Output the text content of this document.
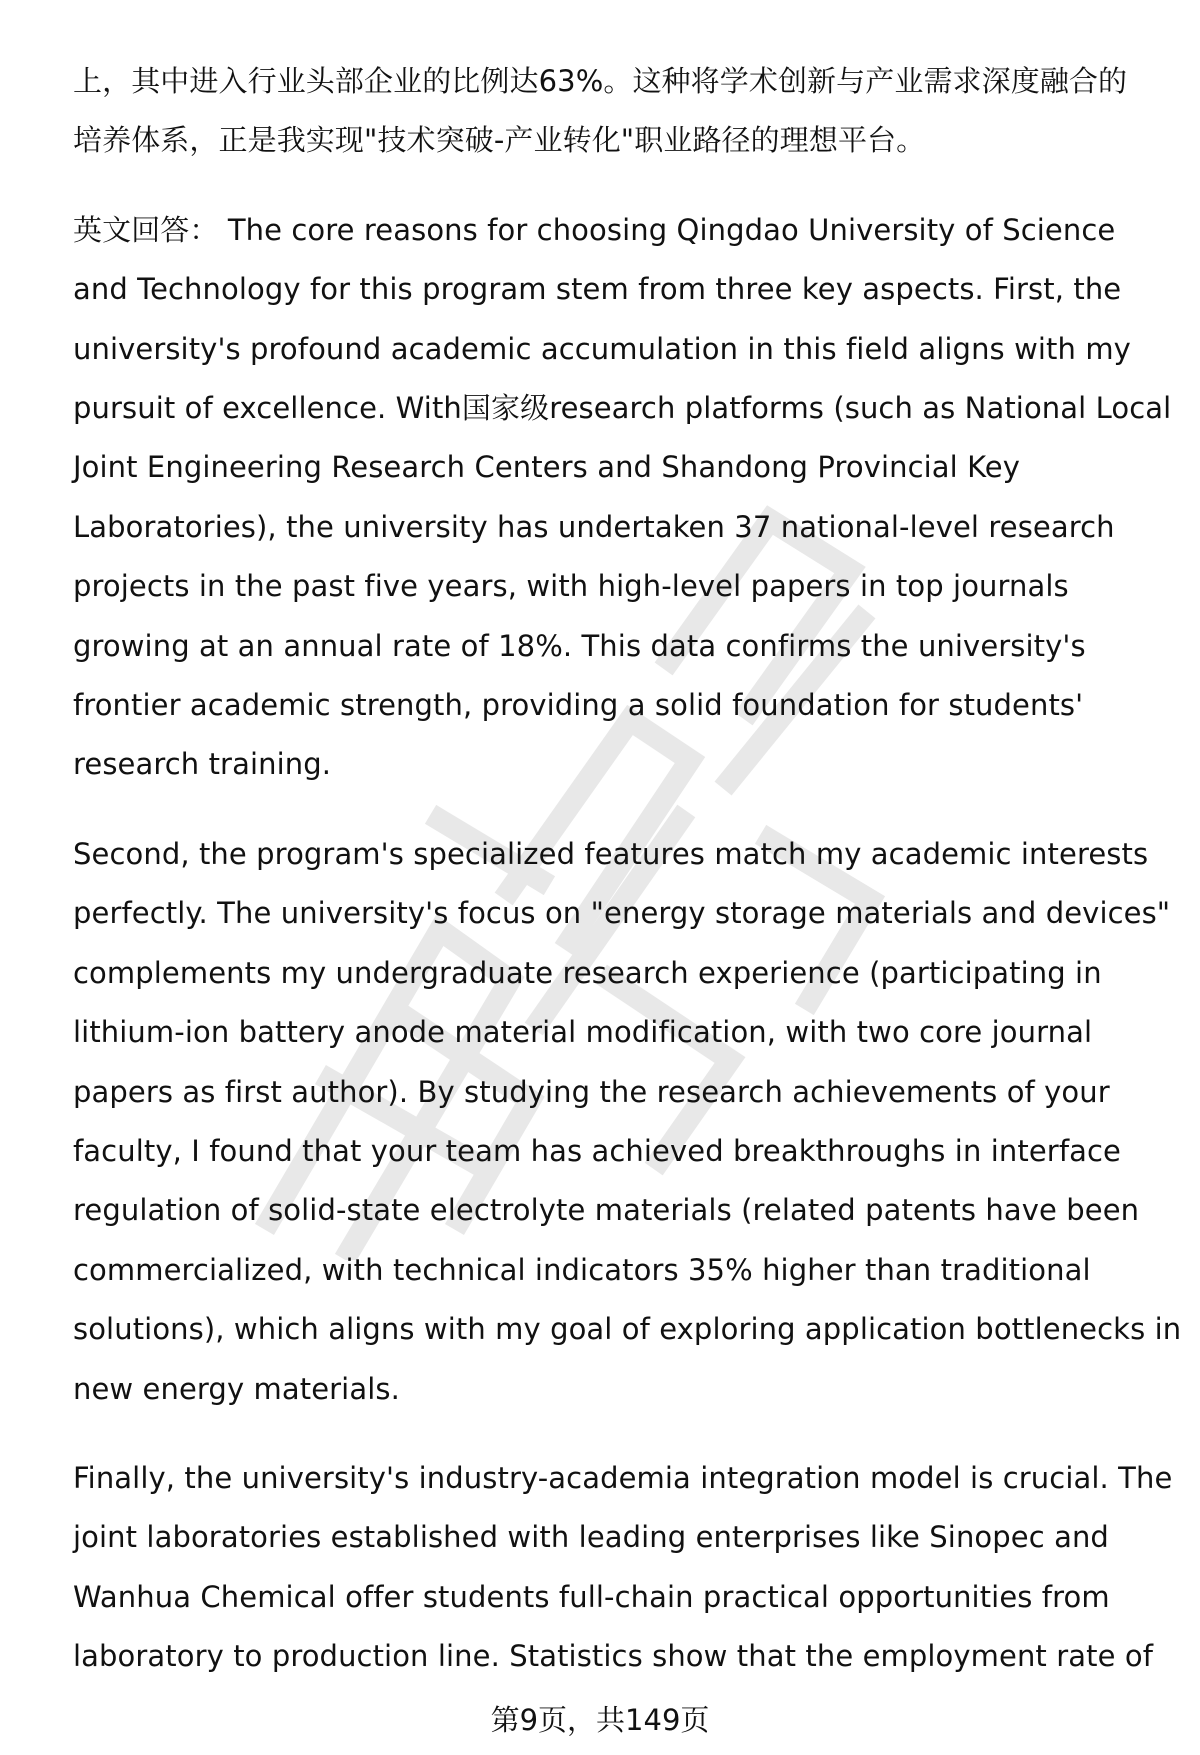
上，其中进入行业头部企业的比例达63%。这种将学术创新与产业需求深度融合的
培养体系，正是我实现"技术突破-产业转化"职业路径的理想平台。

英文回答： The core reasons for choosing Qingdao University of Science
and Technology for this program stem from three key aspects. First, the
university's profound academic accumulation in this field aligns with my
pursuit of excellence. With国家级research platforms (such as National Local
Joint Engineering Research Centers and Shandong Provincial Key
Laboratories), the university has undertaken 37 national-level research
projects in the past five years, with high-level papers in top journals
growing at an annual rate of 18%. This data confirms the university's
frontier academic strength, providing a solid foundation for students'
research training.

Second, the program's specialized features match my academic interests
perfectly. The university's focus on "energy storage materials and devices"
complements my undergraduate research experience (participating in
lithium-ion battery anode material modification, with two core journal
papers as first author). By studying the research achievements of your
faculty, I found that your team has achieved breakthroughs in interface
regulation of solid-state electrolyte materials (related patents have been
commercialized, with technical indicators 35% higher than traditional
solutions), which aligns with my goal of exploring application bottlenecks in
new energy materials.

Finally, the university's industry-academia integration model is crucial. The
joint laboratories established with leading enterprises like Sinopec and
Wanhua Chemical offer students full-chain practical opportunities from
laboratory to production line. Statistics show that the employment rate of

第9页，共149页
